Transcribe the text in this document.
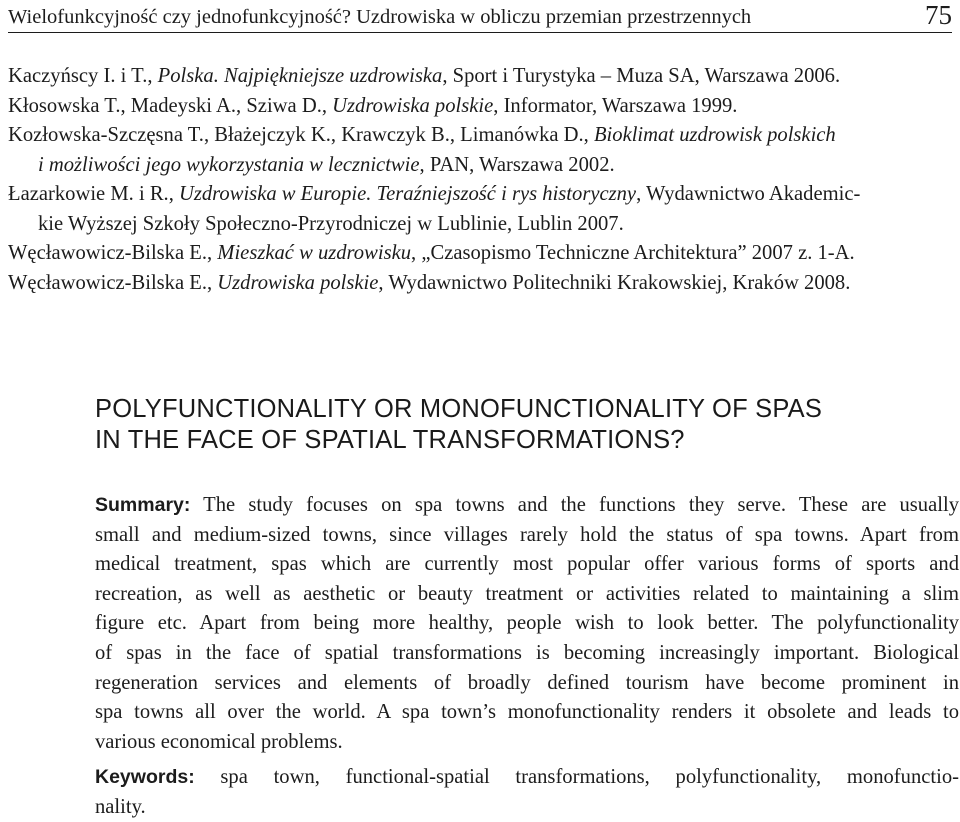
Wielofunkcyjność czy jednofunkcyjność? Uzdrowiska w obliczu przemian przestrzennych	75
Kaczyńscy I. i T., Polska. Najpiękniejsze uzdrowiska, Sport i Turystyka – Muza SA, Warszawa 2006.
Kłosowska T., Madeyski A., Sziwa D., Uzdrowiska polskie, Informator, Warszawa 1999.
Kozłowska-Szczęsna T., Błażejczyk K., Krawczyk B., Limanówka D., Bioklimat uzdrowisk polskich
i możliwości jego wykorzystania w lecznictwie, PAN, Warszawa 2002.
Łazarkowie M. i R., Uzdrowiska w Europie. Teraźniejszość i rys historyczny, Wydawnictwo Akademic-
kie Wyższej Szkoły Społeczno-Przyrodniczej w Lublinie, Lublin 2007.
Węcławowicz-Bilska E., Mieszkać w uzdrowisku, „Czasopismo Techniczne Architektura” 2007 z. 1-A.
Węcławowicz-Bilska E., Uzdrowiska polskie, Wydawnictwo Politechniki Krakowskiej, Kraków 2008.
POLYFUNCTIONALITY OR MONOFUNCTIONALITY OF SPAS
IN THE FACE OF SPATIAL TRANSFORMATIONS?
Summary: The study focuses on spa towns and the functions they serve. These are usually
small and medium-sized towns, since villages rarely hold the status of spa towns. Apart from
medical treatment, spas which are currently most popular offer various forms of sports and
recreation, as well as aesthetic or beauty treatment or activities related to maintaining a slim
figure etc. Apart from being more healthy, people wish to look better. The polyfunctionality
of spas in the face of spatial transformations is becoming increasingly important. Biological
regeneration services and elements of broadly defined tourism have become prominent in
spa towns all over the world. A spa town’s monofunctionality renders it obsolete and leads to
various economical problems.
Keywords: spa town, functional-spatial transformations, polyfunctionality, monofunctio-
nality.
